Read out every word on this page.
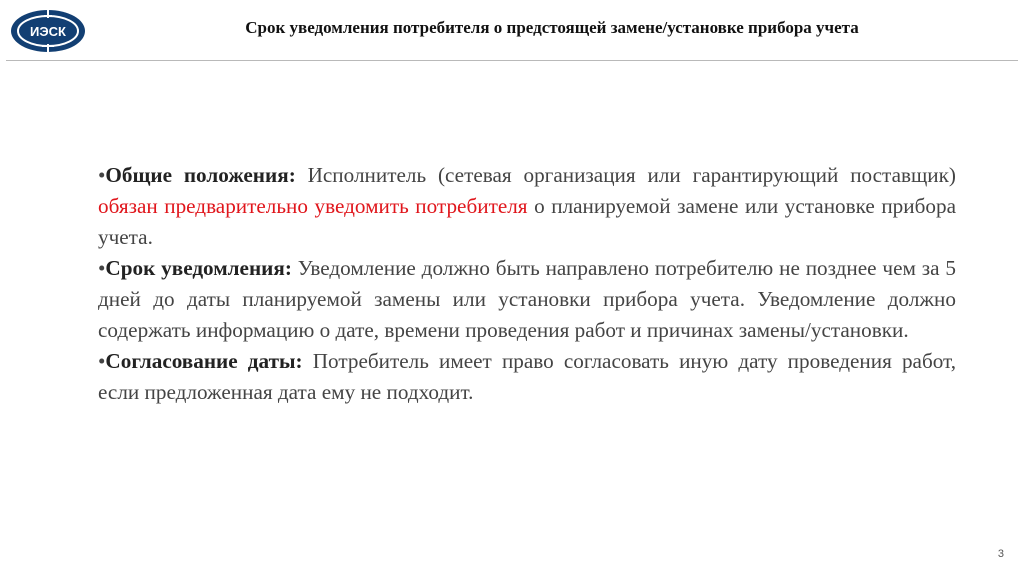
ИЭСК	Срок уведомления потребителя о предстоящей замене/установке прибора учета

•Общие положения: Исполнитель (сетевая организация или гарантирующий поставщик) обязан предварительно уведомить потребителя о планируемой замене или установке прибора учета.

•Срок уведомления: Уведомление должно быть направлено потребителю не позднее чем за 5 дней до даты планируемой замены или установки прибора учета. Уведомление должно содержать информацию о дате, времени проведения работ и причинах замены/установки.

•Согласование даты: Потребитель имеет право согласовать иную дату проведения работ, если предложенная дата ему не подходит.

3
